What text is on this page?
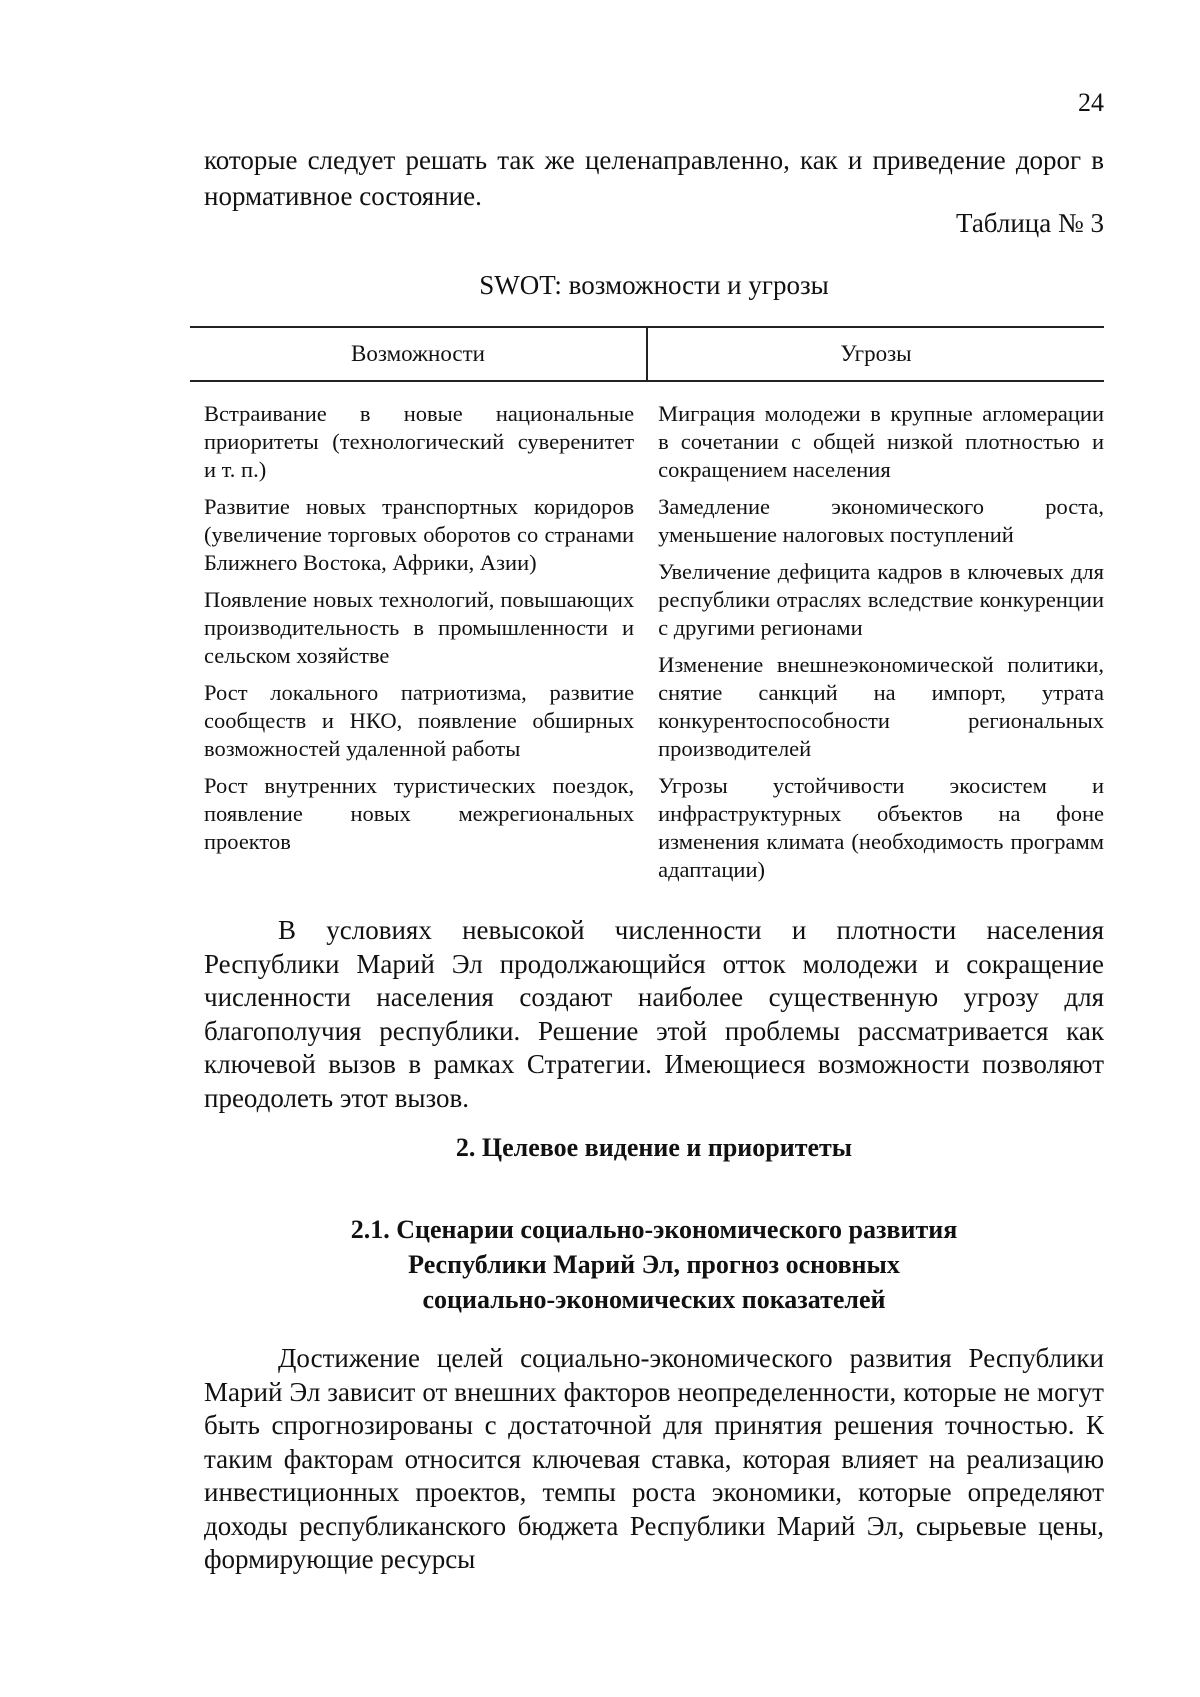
24

которые следует решать так же целенаправленно, как и приведение дорог в нормативное состояние.

Таблица № 3
SWOT: возможности и угрозы
Возможности	Угрозы
Встраивание в новые национальные приоритеты (технологический суверенитет и т. п.)
Развитие новых транспортных коридоров (увеличение торговых оборотов со странами Ближнего Востока, Африки, Азии)
Появление новых технологий, повышающих производительность в промышленности и сельском хозяйстве
Рост локального патриотизма, развитие сообществ и НКО, появление обширных возможностей удаленной работы
Рост внутренних туристических поездок, появление новых межрегиональных проектов
Миграция молодежи в крупные агломерации в сочетании с общей низкой плотностью и сокращением населения
Замедление экономического роста, уменьшение налоговых поступлений
Увеличение дефицита кадров в ключевых для республики отраслях вследствие конкуренции с другими регионами
Изменение внешнеэкономической политики, снятие санкций на импорт, утрата конкурентоспособности региональных производителей
Угрозы устойчивости экосистем и инфраструктурных объектов на фоне изменения климата (необходимость программ адаптации)

В условиях невысокой численности и плотности населения Республики Марий Эл продолжающийся отток молодежи и сокращение численности населения создают наиболее существенную угрозу для благополучия республики. Решение этой проблемы рассматривается как ключевой вызов в рамках Стратегии. Имеющиеся возможности позволяют преодолеть этот вызов.

2. Целевое видение и приоритеты
2.1. Сценарии социально-экономического развития
Республики Марий Эл, прогноз основных
социально-экономических показателей

Достижение целей социально-экономического развития Республики Марий Эл зависит от внешних факторов неопределенности, которые не могут быть спрогнозированы с достаточной для принятия решения точностью. К таким факторам относится ключевая ставка, которая влияет на реализацию инвестиционных проектов, темпы роста экономики, которые определяют доходы республиканского бюджета Республики Марий Эл, сырьевые цены, формирующие ресурсы
